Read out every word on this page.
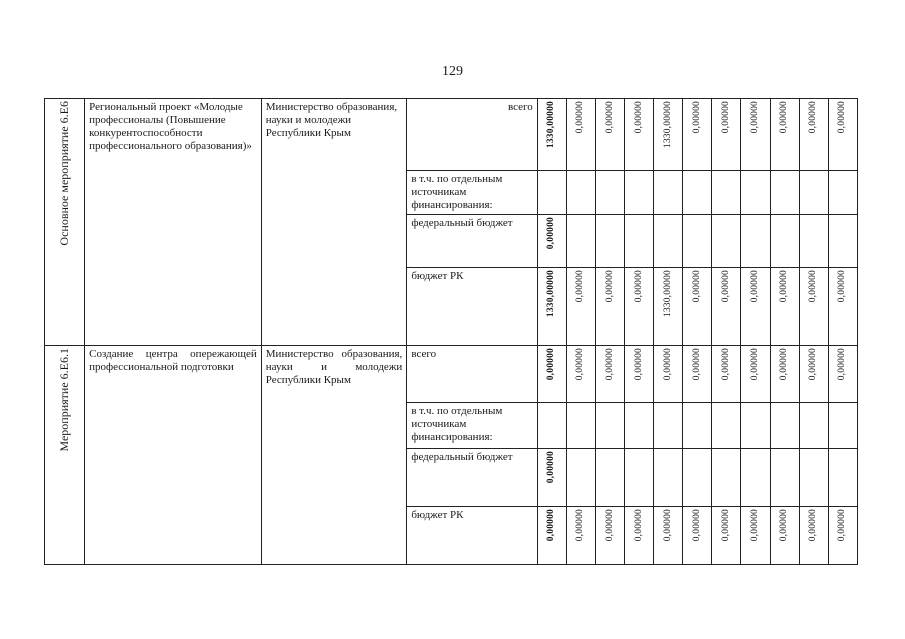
129
Основное мероприятие 6.Е6	Региональный проект «Молодые профессионалы (Повышение конкурентоспособности профессионального образования)»	Министерство образования, науки и молодежи Республики Крым	всего	1330,00000	0,00000	0,00000	0,00000	1330,00000	0,00000	0,00000	0,00000	0,00000	0,00000	0,00000
			в т.ч. по отдельным источникам финансирования:											
			федеральный бюджет	0,00000										
			бюджет РК	1330,00000	0,00000	0,00000	0,00000	1330,00000	0,00000	0,00000	0,00000	0,00000	0,00000	0,00000
Мероприятие 6.Е6.1	Создание центра опережающей профессиональной подготовки	Министерство образования, науки и молодежи Республики Крым	всего	0,00000	0,00000	0,00000	0,00000	0,00000	0,00000	0,00000	0,00000	0,00000	0,00000	0,00000
			в т.ч. по отдельным источникам финансирования:											
			федеральный бюджет	0,00000										
			бюджет РК	0,00000	0,00000	0,00000	0,00000	0,00000	0,00000	0,00000	0,00000	0,00000	0,00000	0,00000
